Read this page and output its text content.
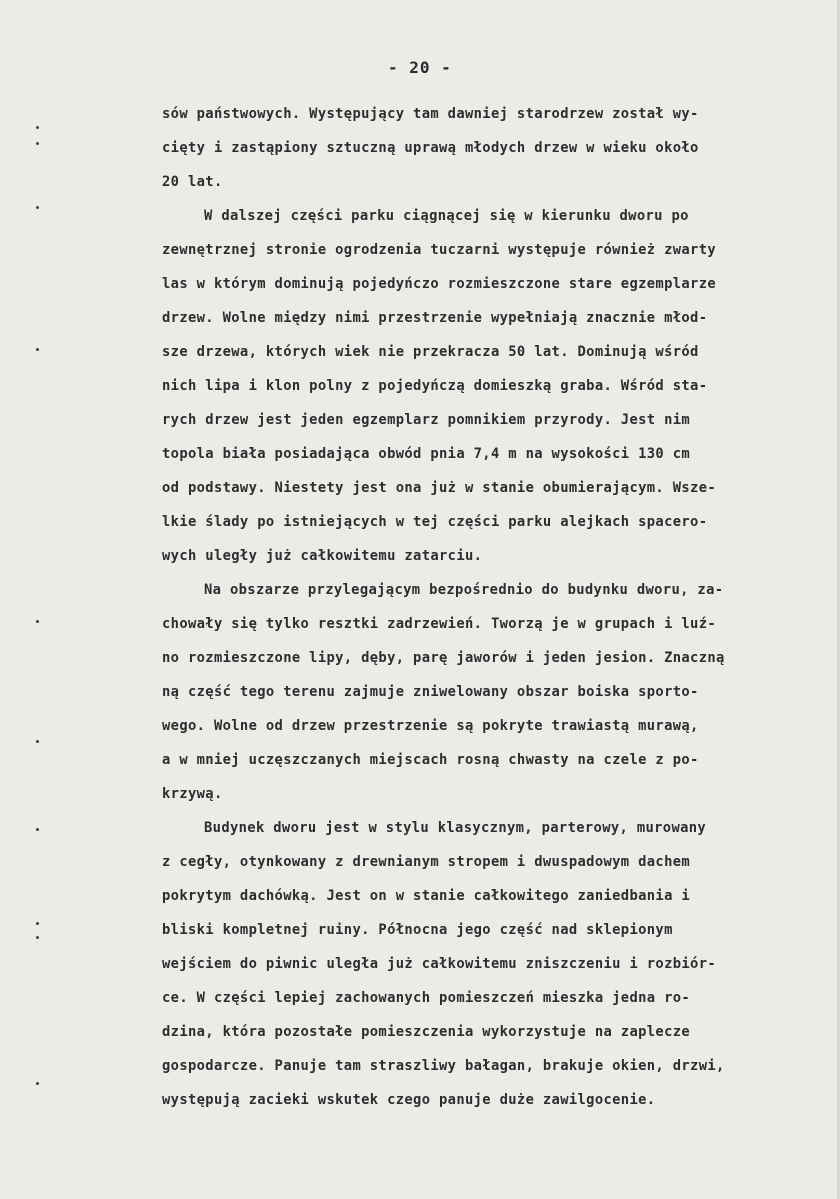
- 20 -
sów państwowych. Występujący tam dawniej starodrzew został wy-
cięty i zastąpiony sztuczną uprawą młodych drzew w wieku około
20 lat.
W dalszej części parku ciągnącej się w kierunku dworu po
zewnętrznej stronie ogrodzenia tuczarni występuje również zwarty
las w którym dominują pojedyńczo rozmieszczone stare egzemplarze
drzew. Wolne między nimi przestrzenie wypełniają znacznie młod-
sze drzewa, których wiek nie przekracza 50 lat. Dominują wśród
nich lipa i klon polny z pojedyńczą domieszką graba. Wśród sta-
rych drzew jest jeden egzemplarz pomnikiem przyrody. Jest nim
topola biała posiadająca obwód pnia 7,4 m na wysokości 130 cm
od podstawy. Niestety jest ona już w stanie obumierającym. Wsze-
lkie ślady po istniejących w tej części parku alejkach spacero-
wych uległy już całkowitemu zatarciu.
Na obszarze przylegającym bezpośrednio do budynku dworu, za-
chowały się tylko resztki zadrzewień. Tworzą je w grupach i luź-
no rozmieszczone lipy, dęby, parę jaworów i jeden jesion. Znaczną
ną część tego terenu zajmuje zniwelowany obszar boiska sporto-
wego. Wolne od drzew przestrzenie są pokryte trawiastą murawą,
a w mniej uczęszczanych miejscach rosną chwasty na czele z po-
krzywą.
Budynek dworu jest w stylu klasycznym, parterowy, murowany
z cegły, otynkowany z drewnianym stropem i dwuspadowym dachem
pokrytym dachówką. Jest on w stanie całkowitego zaniedbania i
bliski kompletnej ruiny. Północna jego część nad sklepionym
wejściem do piwnic uległa już całkowitemu zniszczeniu i rozbiór-
ce. W części lepiej zachowanych pomieszczeń mieszka jedna ro-
dzina, która pozostałe pomieszczenia wykorzystuje na zaplecze
gospodarcze. Panuje tam straszliwy bałagan, brakuje okien, drzwi,
występują zacieki wskutek czego panuje duże zawilgocenie.
